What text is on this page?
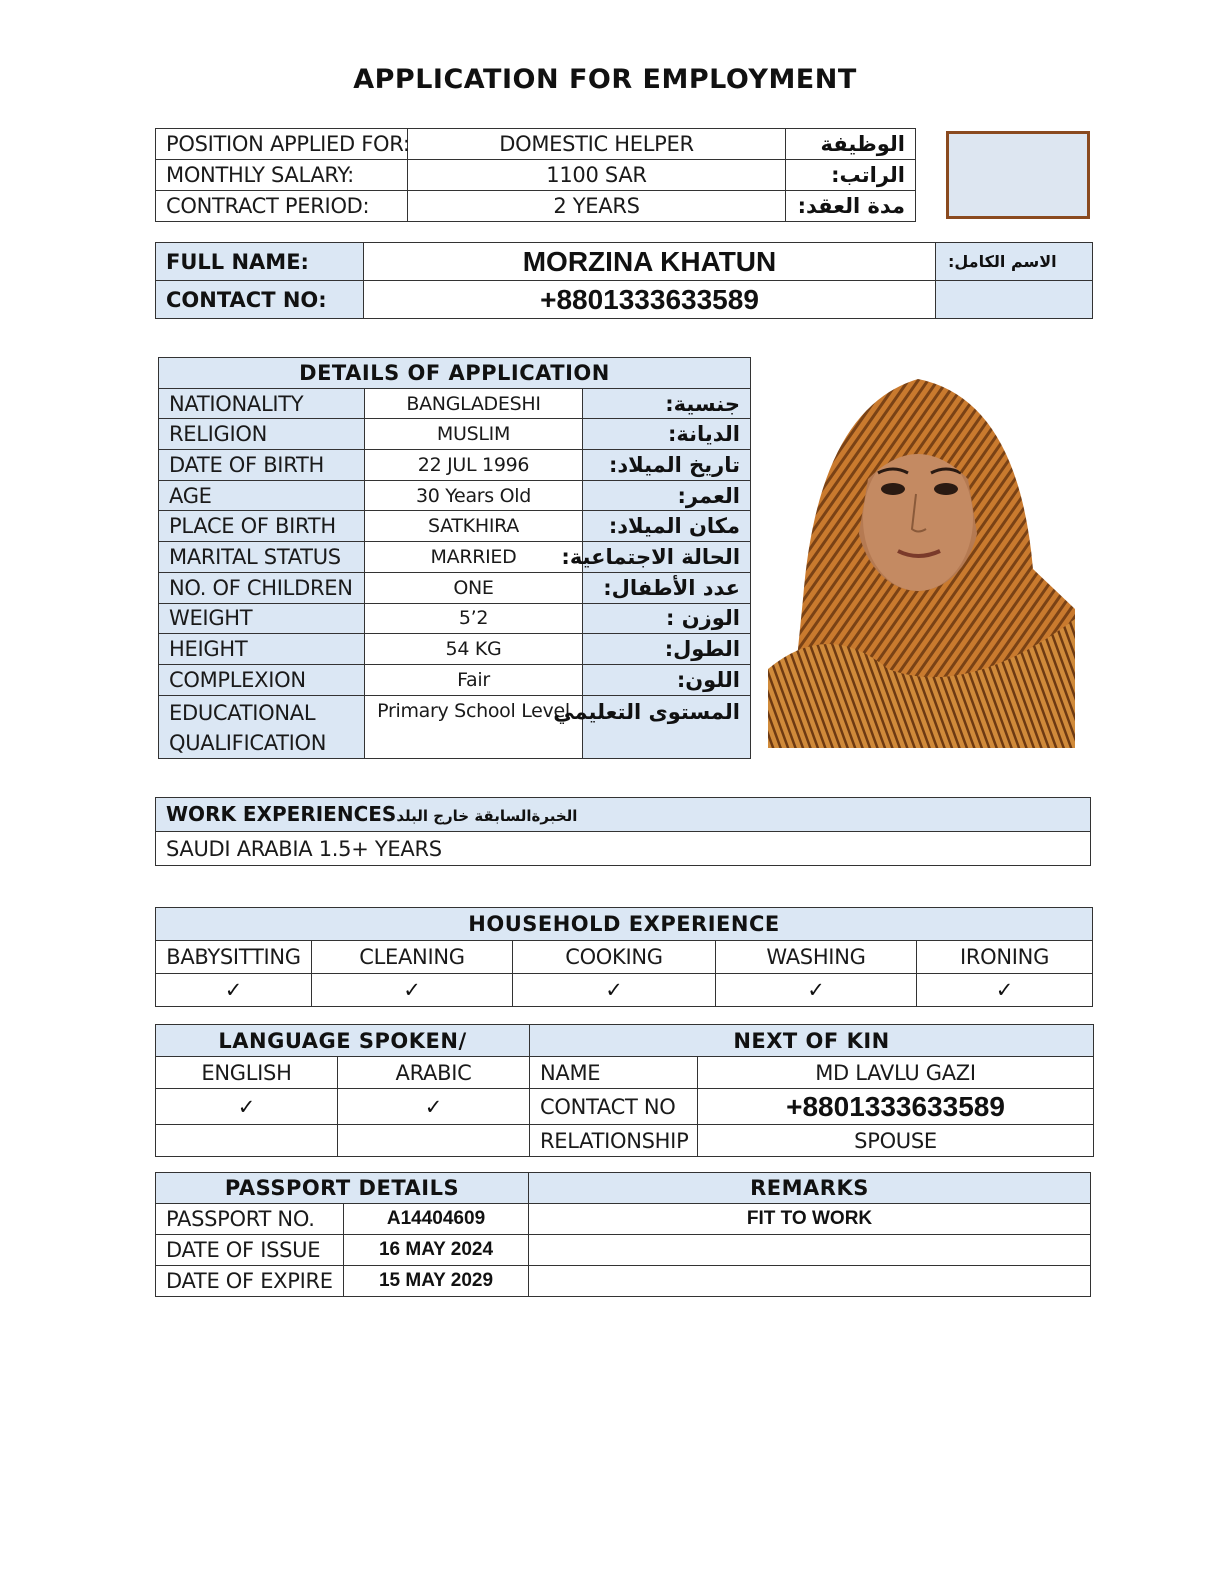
APPLICATION FOR EMPLOYMENT
POSITION APPLIED FOR:	DOMESTIC HELPER	الوظيفة
MONTHLY SALARY:	1100 SAR	الراتب:
CONTRACT PERIOD:	2 YEARS	مدة العقد:
FULL NAME:	MORZINA KHATUN	الاسم الكامل:
CONTACT NO:	+8801333633589	
DETAILS OF APPLICATION		
NATIONALITY	BANGLADESHI	جنسية:
RELIGION	MUSLIM	الديانة:
DATE OF BIRTH	22 JUL 1996	تاريخ الميلاد:
AGE	30 Years Old	العمر:
PLACE OF BIRTH	SATKHIRA	مكان الميلاد:
MARITAL STATUS	MARRIED	الحالة الاجتماعية:
NO. OF CHILDREN	ONE	عدد الأطفال:
WEIGHT	5’2	الوزن :
HEIGHT	54 KG	الطول:
COMPLEXION	Fair	اللون:

EDUCATIONAL
QUALIFICATION	Primary School Level	المستوى التعليمي
WORK EXPERIENCESالخبرةالسابقة خارج البلد
SAUDI ARABIA 1.5+ YEARS
HOUSEHOLD EXPERIENCE				
BABYSITTING	CLEANING	COOKING	WASHING	IRONING
✓	✓	✓	✓	✓
LANGUAGE SPOKEN/		NEXT OF KIN	
ENGLISH	ARABIC	NAME	MD LAVLU GAZI
✓	✓	CONTACT NO	+8801333633589
		RELATIONSHIP	SPOUSE
PASSPORT DETAILS		REMARKS
PASSPORT NO.	A14404609	FIT TO WORK
DATE OF ISSUE	16 MAY 2024	
DATE OF EXPIRE	15 MAY 2029	
